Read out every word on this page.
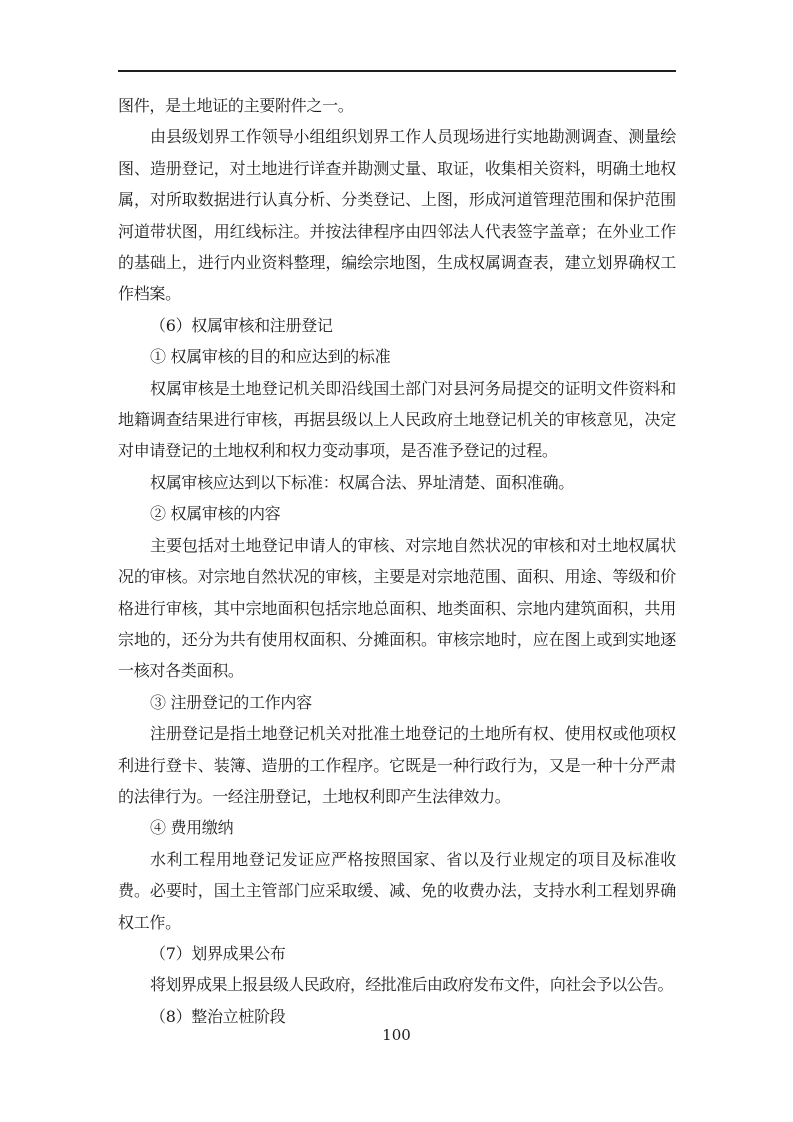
图件，是土地证的主要附件之一。

由县级划界工作领导小组组织划界工作人员现场进行实地勘测调查、测量绘图、造册登记，对土地进行详查并勘测丈量、取证，收集相关资料，明确土地权属，对所取数据进行认真分析、分类登记、上图，形成河道管理范围和保护范围河道带状图，用红线标注。并按法律程序由四邻法人代表签字盖章；在外业工作的基础上，进行内业资料整理，编绘宗地图，生成权属调查表，建立划界确权工作档案。

（6）权属审核和注册登记

① 权属审核的目的和应达到的标准

权属审核是土地登记机关即沿线国土部门对县河务局提交的证明文件资料和地籍调查结果进行审核，再据县级以上人民政府土地登记机关的审核意见，决定对申请登记的土地权利和权力变动事项，是否准予登记的过程。

权属审核应达到以下标准：权属合法、界址清楚、面积准确。

② 权属审核的内容

主要包括对土地登记申请人的审核、对宗地自然状况的审核和对土地权属状况的审核。对宗地自然状况的审核，主要是对宗地范围、面积、用途、等级和价格进行审核，其中宗地面积包括宗地总面积、地类面积、宗地内建筑面积，共用宗地的，还分为共有使用权面积、分摊面积。审核宗地时，应在图上或到实地逐一核对各类面积。

③ 注册登记的工作内容

注册登记是指土地登记机关对批准土地登记的土地所有权、使用权或他项权利进行登卡、装簿、造册的工作程序。它既是一种行政行为，又是一种十分严肃的法律行为。一经注册登记，土地权利即产生法律效力。

④ 费用缴纳

水利工程用地登记发证应严格按照国家、省以及行业规定的项目及标准收费。必要时，国土主管部门应采取缓、减、免的收费办法，支持水利工程划界确权工作。

（7）划界成果公布

将划界成果上报县级人民政府，经批准后由政府发布文件，向社会予以公告。

（8）整治立桩阶段

100
